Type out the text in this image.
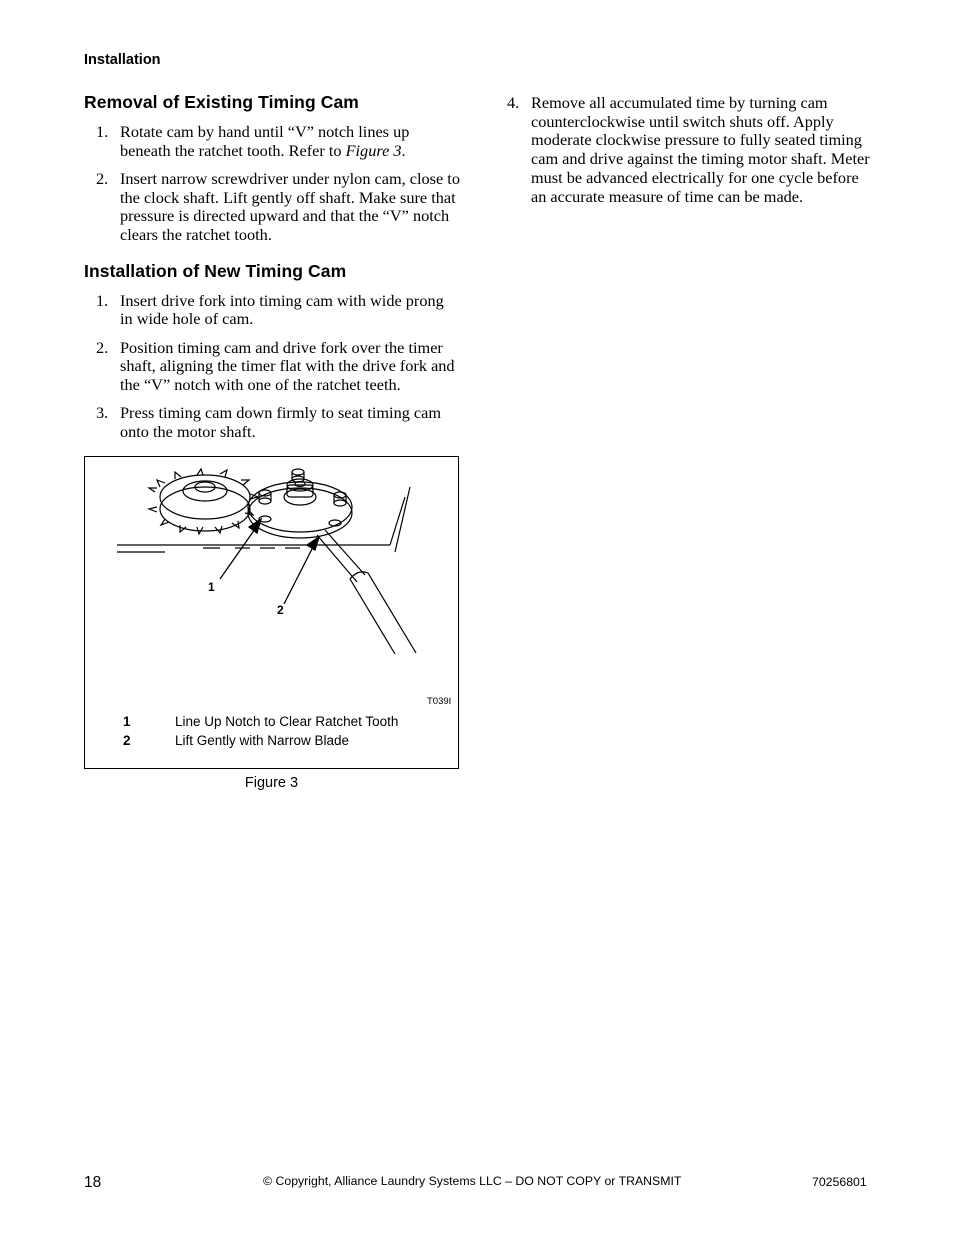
Installation
Removal of Existing Timing Cam
1. Rotate cam by hand until “V” notch lines up beneath the ratchet tooth. Refer to Figure 3.
2. Insert narrow screwdriver under nylon cam, close to the clock shaft. Lift gently off shaft. Make sure that pressure is directed upward and that the “V” notch clears the ratchet tooth.
Installation of New Timing Cam
1. Insert drive fork into timing cam with wide prong in wide hole of cam.
2. Position timing cam and drive fork over the timer shaft, aligning the timer flat with the drive fork and the “V” notch with one of the ratchet teeth.
3. Press timing cam down firmly to seat timing cam onto the motor shaft.
4. Remove all accumulated time by turning cam counterclockwise until switch shuts off. Apply moderate clockwise pressure to fully seated timing cam and drive against the timing motor shaft. Meter must be advanced electrically for one cycle before an accurate measure of time can be made.
1
2
T039I
1	Line Up Notch to Clear Ratchet Tooth
2	Lift Gently with Narrow Blade
Figure 3
18	© Copyright, Alliance Laundry Systems LLC – DO NOT COPY or TRANSMIT	70256801
